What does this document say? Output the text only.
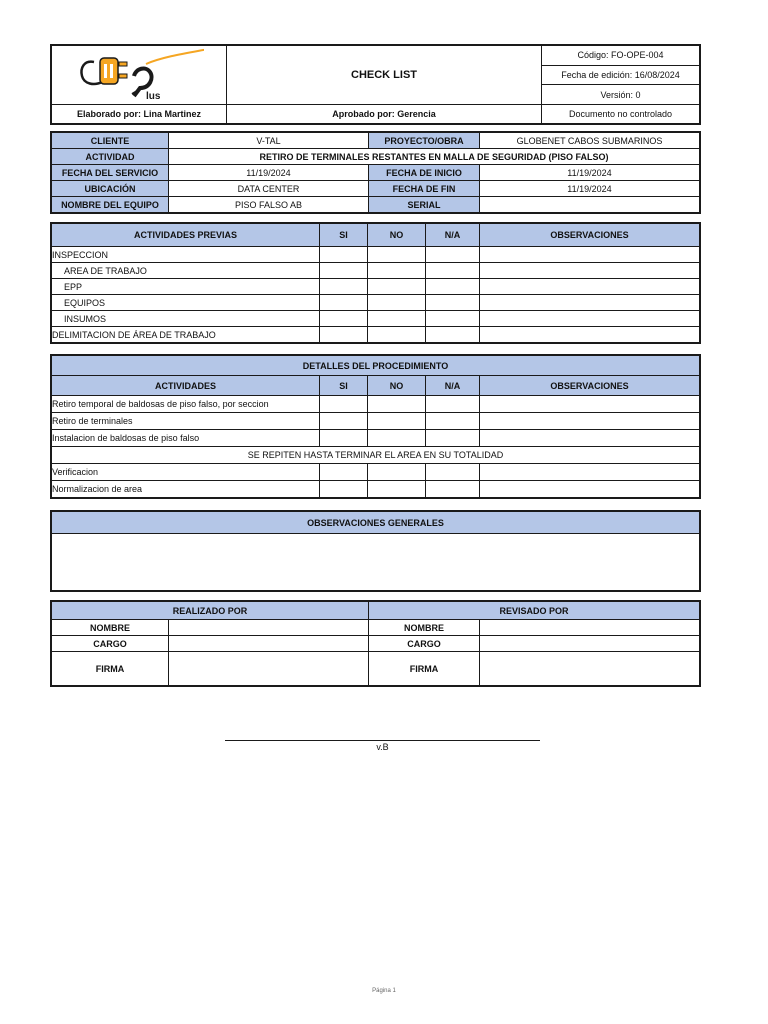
lus	CHECK LIST	Código: FO-OPE-004
		Fecha de edición: 16/08/2024
		Versión: 0
Elaborado por: Lina Martinez	Aprobado por: Gerencia	Documento no controlado
CLIENTE	V-TAL	PROYECTO/OBRA	GLOBENET CABOS SUBMARINOS
ACTIVIDAD	RETIRO DE TERMINALES RESTANTES EN MALLA DE SEGURIDAD (PISO FALSO)		
FECHA DEL SERVICIO	11/19/2024	FECHA DE INICIO	11/19/2024
UBICACIÓN	DATA CENTER	FECHA DE FIN	11/19/2024
NOMBRE DEL EQUIPO	PISO FALSO AB	SERIAL	
ACTIVIDADES PREVIAS	SI	NO	N/A	OBSERVACIONES
INSPECCION				
AREA DE TRABAJO				
EPP				
EQUIPOS				
INSUMOS				
DELIMITACION DE ÁREA DE TRABAJO				
DETALLES DEL PROCEDIMIENTO				
ACTIVIDADES	SI	NO	N/A	OBSERVACIONES
Retiro temporal de baldosas de piso falso, por seccion				
Retiro de terminales				
Instalacion de baldosas de piso falso				
SE REPITEN HASTA TERMINAR EL AREA EN SU TOTALIDAD				
Verificacion				
Normalizacion de area				
OBSERVACIONES GENERALES

REALIZADO POR		REVISADO POR	
NOMBRE		NOMBRE	
CARGO		CARGO	
FIRMA		FIRMA	
v.B
Página 1
